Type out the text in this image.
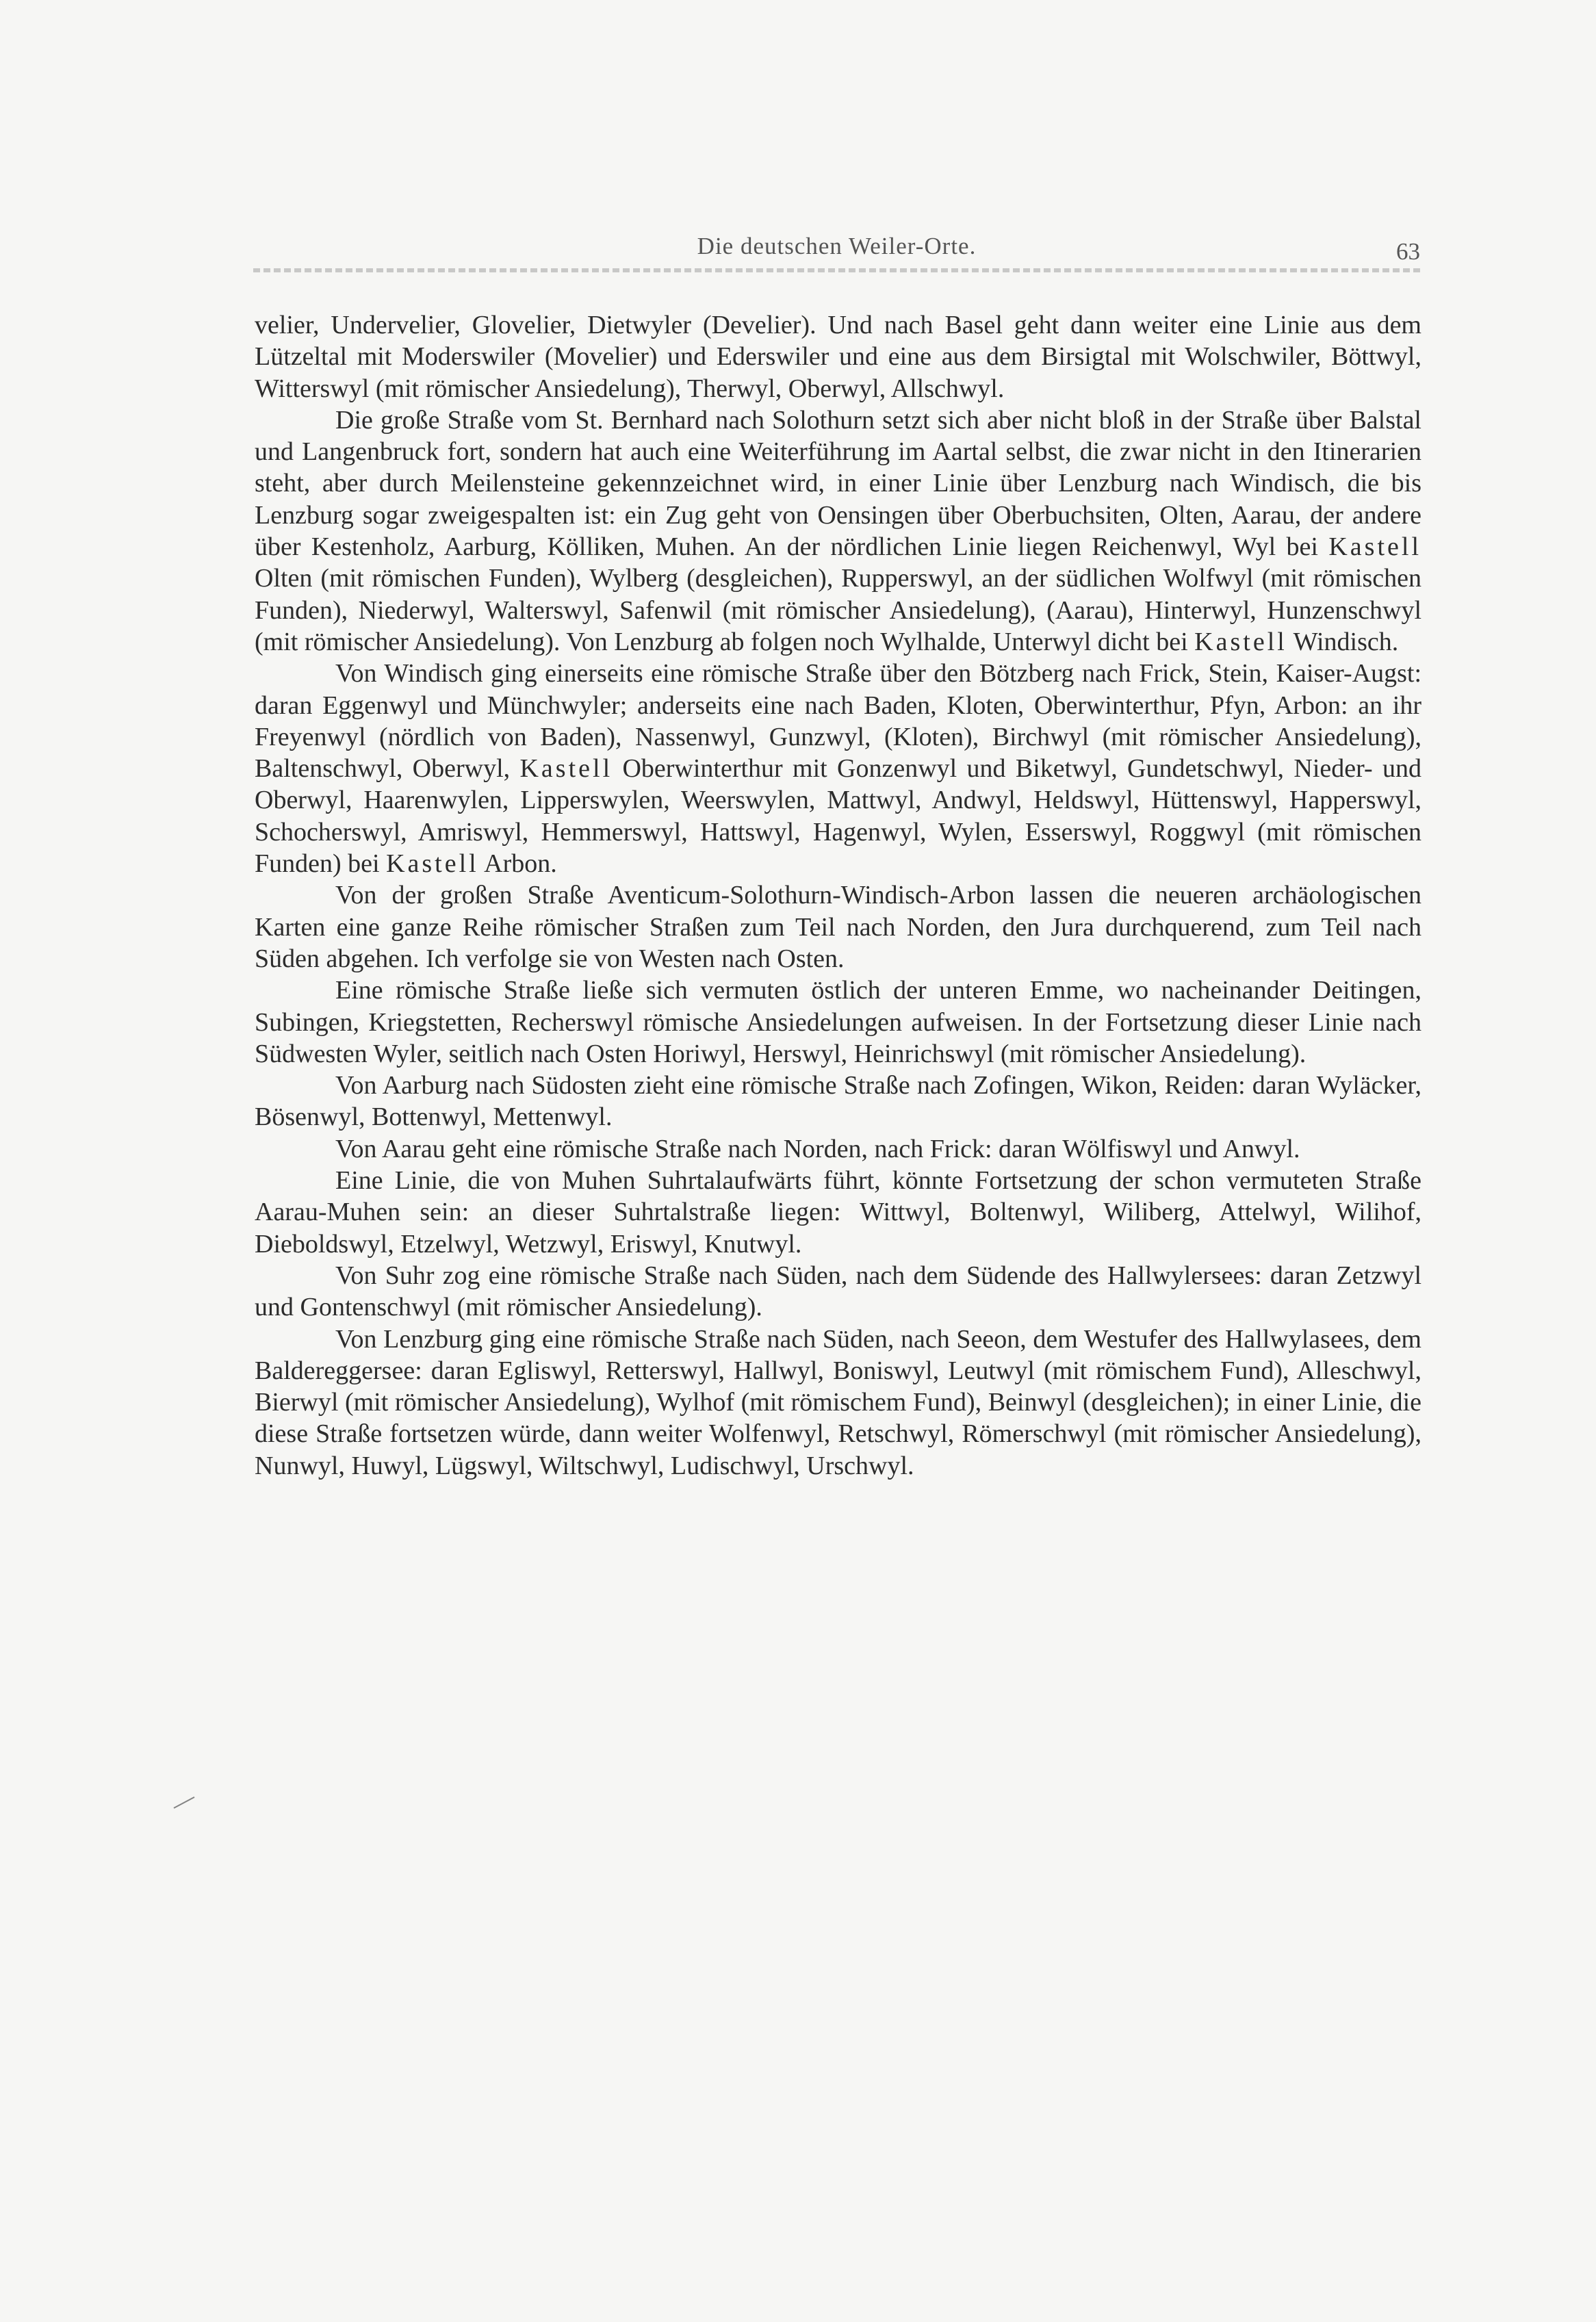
Die deutschen Weiler-Orte.	63

velier, Undervelier, Glovelier, Dietwyler (Develier). Und nach Basel geht dann weiter eine Linie aus dem Lützeltal mit Moderswiler (Movelier) und Ederswiler und eine aus dem Birsigtal mit Wolschwiler, Böttwyl, Witterswyl (mit römischer Ansiedelung), Therwyl, Oberwyl, Allschwyl.

Die große Straße vom St. Bernhard nach Solothurn setzt sich aber nicht bloß in der Straße über Balstal und Langenbruck fort, sondern hat auch eine Weiterführung im Aartal selbst, die zwar nicht in den Itinerarien steht, aber durch Meilensteine gekennzeichnet wird, in einer Linie über Lenzburg nach Windisch, die bis Lenzburg sogar zweigespalten ist: ein Zug geht von Oensingen über Oberbuchsiten, Olten, Aarau, der andere über Kestenholz, Aarburg, Kölliken, Muhen. An der nördlichen Linie liegen Reichenwyl, Wyl bei Kastell Olten (mit römischen Funden), Wylberg (desgleichen), Rupperswyl, an der südlichen Wolfwyl (mit römischen Funden), Niederwyl, Walterswyl, Safenwil (mit römischer Ansiedelung), (Aarau), Hinterwyl, Hunzenschwyl (mit römischer Ansiedelung). Von Lenzburg ab folgen noch Wylhalde, Unterwyl dicht bei Kastell Windisch.

Von Windisch ging einerseits eine römische Straße über den Bötzberg nach Frick, Stein, Kaiser-Augst: daran Eggenwyl und Münchwyler; anderseits eine nach Baden, Kloten, Oberwinterthur, Pfyn, Arbon: an ihr Freyenwyl (nördlich von Baden), Nassenwyl, Gunzwyl, (Kloten), Birchwyl (mit römischer Ansiedelung), Baltenschwyl, Oberwyl, Kastell Oberwinterthur mit Gonzenwyl und Biketwyl, Gundetschwyl, Nieder- und Oberwyl, Haarenwylen, Lipperswylen, Weerswylen, Mattwyl, Andwyl, Heldswyl, Hüttenswyl, Happerswyl, Schocherswyl, Amriswyl, Hemmerswyl, Hattswyl, Hagenwyl, Wylen, Esserswyl, Roggwyl (mit römischen Funden) bei Kastell Arbon.

Von der großen Straße Aventicum-Solothurn-Windisch-Arbon lassen die neueren archäologischen Karten eine ganze Reihe römischer Straßen zum Teil nach Norden, den Jura durchquerend, zum Teil nach Süden abgehen. Ich verfolge sie von Westen nach Osten.

Eine römische Straße ließe sich vermuten östlich der unteren Emme, wo nacheinander Deitingen, Subingen, Kriegstetten, Recherswyl römische Ansiedelungen aufweisen. In der Fortsetzung dieser Linie nach Südwesten Wyler, seitlich nach Osten Horiwyl, Herswyl, Heinrichswyl (mit römischer Ansiedelung).

Von Aarburg nach Südosten zieht eine römische Straße nach Zofingen, Wikon, Reiden: daran Wyläcker, Bösenwyl, Bottenwyl, Mettenwyl.

Von Aarau geht eine römische Straße nach Norden, nach Frick: daran Wölfiswyl und Anwyl.

Eine Linie, die von Muhen Suhrtalaufwärts führt, könnte Fortsetzung der schon vermuteten Straße Aarau-Muhen sein: an dieser Suhrtalstraße liegen: Wittwyl, Boltenwyl, Wiliberg, Attelwyl, Wilihof, Dieboldswyl, Etzelwyl, Wetzwyl, Eriswyl, Knutwyl.

Von Suhr zog eine römische Straße nach Süden, nach dem Südende des Hallwylersees: daran Zetzwyl und Gontenschwyl (mit römischer Ansiedelung).

Von Lenzburg ging eine römische Straße nach Süden, nach Seeon, dem Westufer des Hallwylasees, dem Baldereggersee: daran Egliswyl, Retterswyl, Hallwyl, Boniswyl, Leutwyl (mit römischem Fund), Alleschwyl, Bierwyl (mit römischer Ansiedelung), Wylhof (mit römischem Fund), Beinwyl (desgleichen); in einer Linie, die diese Straße fortsetzen würde, dann weiter Wolfenwyl, Retschwyl, Römerschwyl (mit römischer Ansiedelung), Nunwyl, Huwyl, Lügswyl, Wiltschwyl, Ludischwyl, Urschwyl.
